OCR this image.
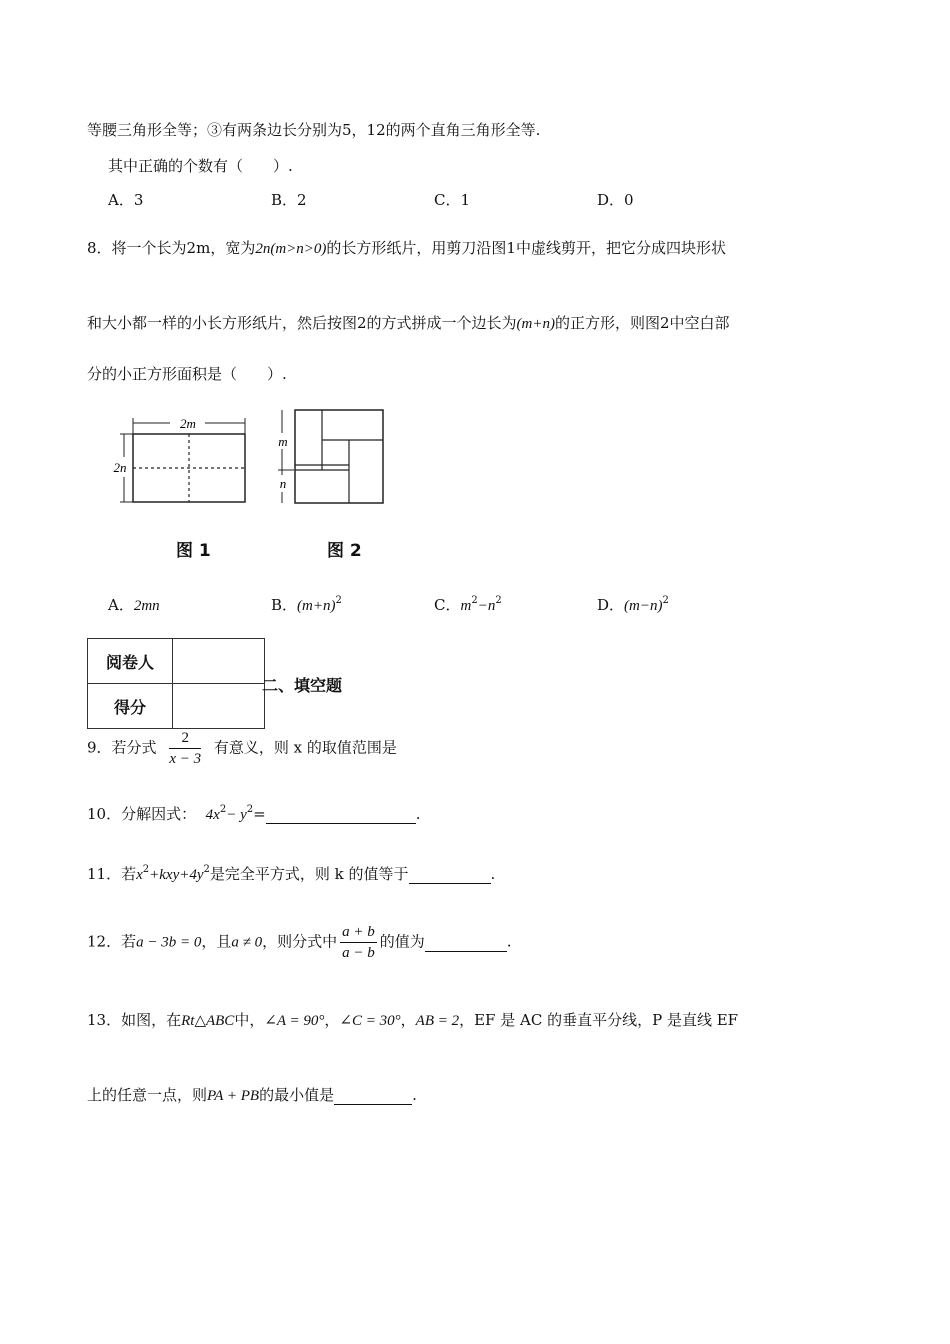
等腰三角形全等；③有两条边长分别为5，12的两个直角三角形全等.
其中正确的个数有（　　）.
A．3	B．2	C．1	D．0
8．将一个长为2m，宽为2n(m>n>0)的长方形纸片，用剪刀沿图1中虚线剪开，把它分成四块形状
和大小都一样的小长方形纸片，然后按图2的方式拼成一个边长为(m+n)的正方形，则图2中空白部
分的小正方形面积是（　　）.
2m
2n
m
n
图 1	图 2
A．2mn	B．$(m+n)^2$	C．$m^2-n^2$	D．$(m-n)^2$
阅卷人	
得分	
二、填空题
9．若分式 $\frac{2}{x - 3}$ 有意义，则 x 的取值范围是
10．分解因式： $4x^2- y^2=$	.
11．若$x^2+kxy+4y^2$是完全平方式，则 k 的值等于	.
12．若a − 3b = 0，且a ≠ 0，则分式中 $\frac{a + b}{a - b}$ 的值为	.
13．如图，在Rt△ABC中，∠A = 90°，∠C = 30°，AB = 2，EF 是 AC 的垂直平分线，P 是直线 EF
上的任意一点，则PA + PB的最小值是	.
